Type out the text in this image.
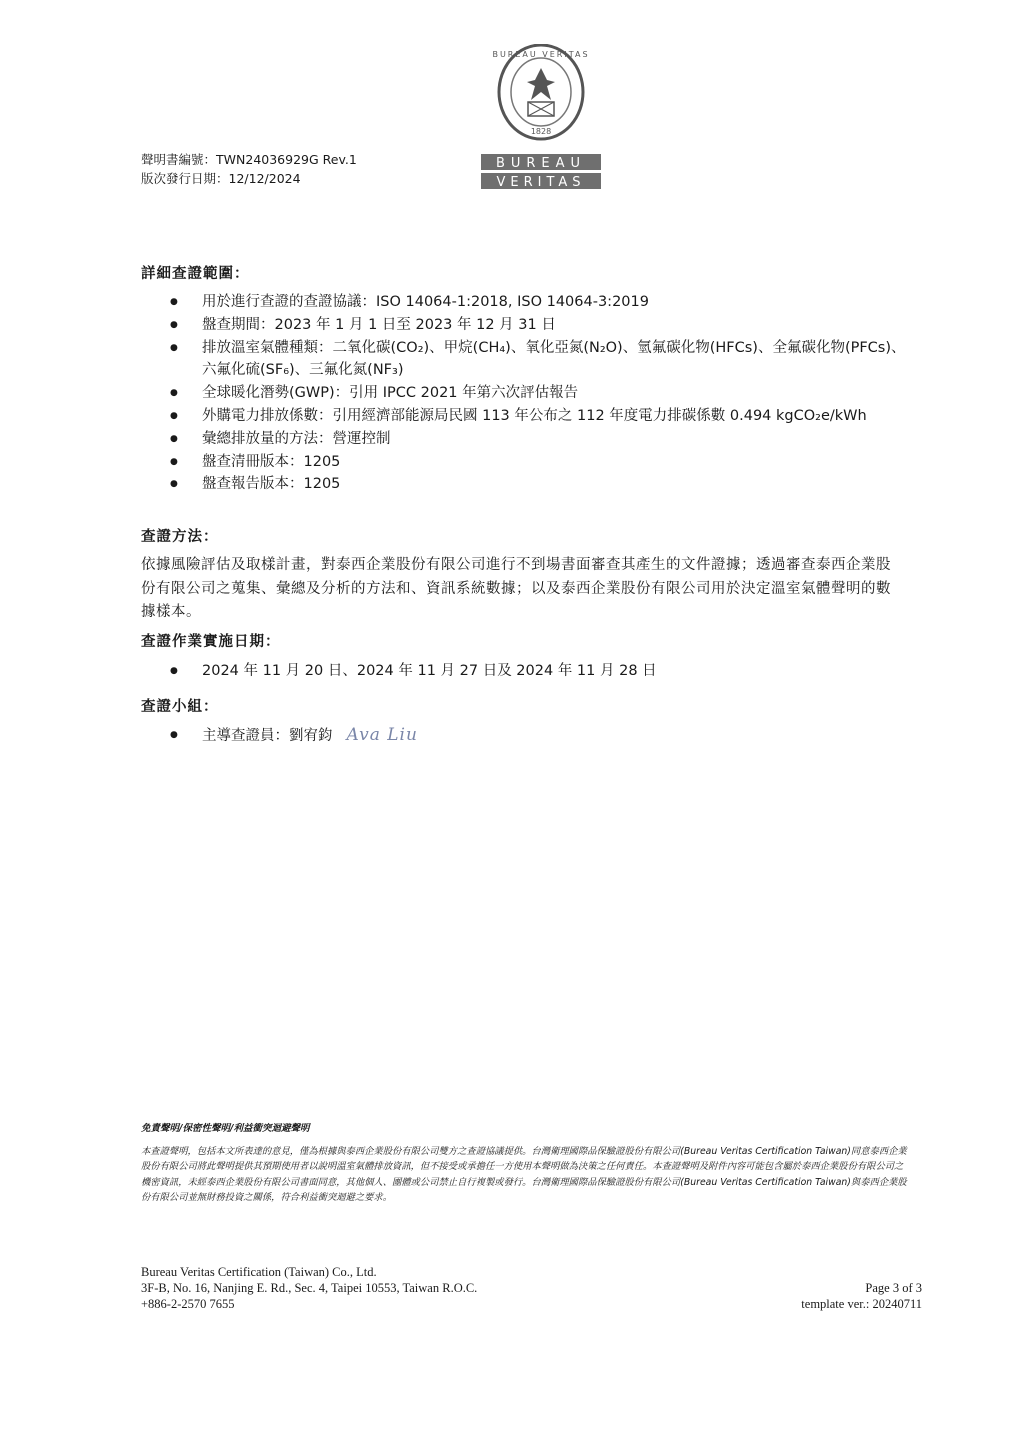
聲明書編號：TWN24036929G Rev.1
版次發行日期：12/12/2024
BUREAU VERITAS
1828
BUREAU
VERITAS
詳細查證範圍：
● 用於進行查證的查證協議：ISO 14064-1:2018, ISO 14064-3:2019
● 盤查期間：2023 年 1 月 1 日至 2023 年 12 月 31 日
● 排放溫室氣體種類：二氧化碳(CO₂)、甲烷(CH₄)、氧化亞氮(N₂O)、氫氟碳化物(HFCs)、全氟碳化物(PFCs)、六氟化硫(SF₆)、三氟化氮(NF₃)
● 全球暖化潛勢(GWP)：引用 IPCC 2021 年第六次評估報告
● 外購電力排放係數：引用經濟部能源局民國 113 年公布之 112 年度電力排碳係數 0.494 kgCO₂e/kWh
● 彙總排放量的方法：營運控制
● 盤查清冊版本：1205
● 盤查報告版本：1205
查證方法：
依據風險評估及取樣計畫，對泰西企業股份有限公司進行不到場書面審查其產生的文件證據；透過審查泰西企業股份有限公司之蒐集、彙總及分析的方法和、資訊系統數據；以及泰西企業股份有限公司用於決定溫室氣體聲明的數據樣本。
查證作業實施日期：
● 2024 年 11 月 20 日、2024 年 11 月 27 日及 2024 年 11 月 28 日
查證小組：
● 主導查證員：劉宥鈞 Ava Liu
免責聲明/保密性聲明/利益衝突迴避聲明
本查證聲明，包括本文所表達的意見，僅為根據與泰西企業股份有限公司雙方之查證協議提供。台灣衛理國際品保驗證股份有限公司(Bureau Veritas Certification Taiwan)同意泰西企業股份有限公司將此聲明提供其預期使用者以說明溫室氣體排放資訊，但不接受或承擔任一方使用本聲明做為決策之任何責任。本查證聲明及附件內容可能包含屬於泰西企業股份有限公司之機密資訊，未經泰西企業股份有限公司書面同意，其他個人、團體或公司禁止自行複製或發行。台灣衛理國際品保驗證股份有限公司(Bureau Veritas Certification Taiwan)與泰西企業股份有限公司並無財務投資之關係，符合利益衝突迴避之要求。
Bureau Veritas Certification (Taiwan) Co., Ltd.
3F-B, No. 16, Nanjing E. Rd., Sec. 4, Taipei 10553, Taiwan R.O.C.
+886-2-2570 7655
Page 3 of 3
template ver.: 20240711
